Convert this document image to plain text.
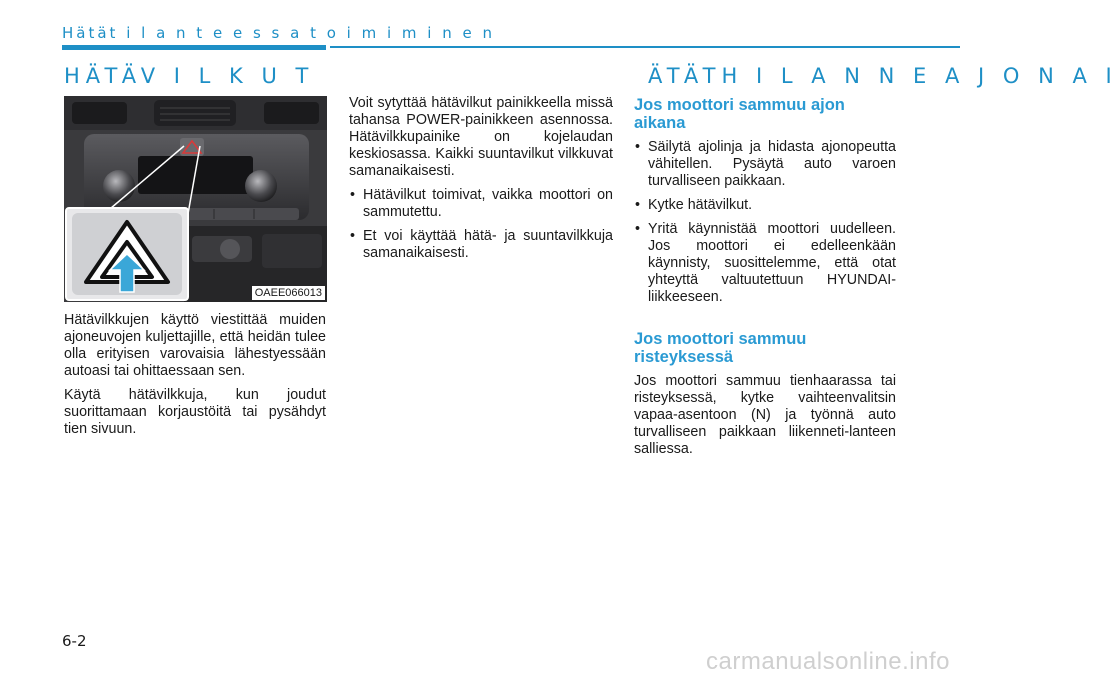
Hätät i l a n t e e s s a t o i m i m i n e n
HÄTÄV I L K U T	ÄTÄTH I L A N N E A J O N A I
OAEE066013

Hätävilkkujen käyttö viestittää muiden ajoneuvojen kuljettajille, että heidän tulee olla erityisen varovaisia lähestyessään autoasi tai ohittaessaan sen.

Käytä hätävilkkuja, kun joudut suorittamaan korjaustöitä tai pysähdyt tien sivuun.

Voit sytyttää hätävilkut painikkeella missä tahansa POWER-painikkeen asennossa. Hätävilkkupainike on kojelaudan keskiosassa. Kaikki suuntavilkut vilkkuvat samanaikaisesti.

• Hätävilkut toimivat, vaikka moottori on sammutettu.
• Et voi käyttää hätä- ja suuntavilkkuja samanaikaisesti.
Jos moottori sammuu ajon aikana
• Säilytä ajolinja ja hidasta ajonopeutta vähitellen. Pysäytä auto varoen turvalliseen paikkaan.
• Kytke hätävilkut.
• Yritä käynnistää moottori uudelleen. Jos moottori ei edelleenkään käynnisty, suosittelemme, että otat yhteyttä valtuutettuun HYUNDAI-liikkeeseen.
Jos moottori sammuu risteyksessä

Jos moottori sammuu tienhaarassa tai risteyksessä, kytke vaihteenvalitsin vapaa-asentoon (N) ja työnnä auto turvalliseen paikkaan liikenneti-lanteen salliessa.

6-2
carmanualsonline.info
